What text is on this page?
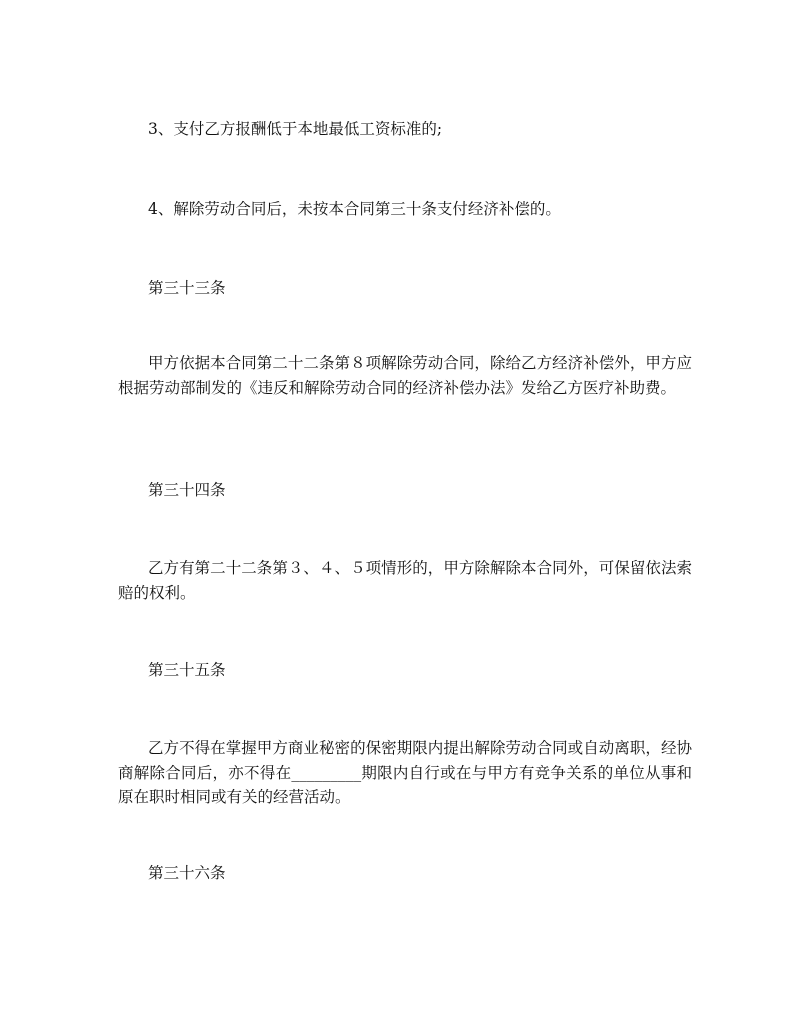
3、支付乙方报酬低于本地最低工资标准的;
4、解除劳动合同后，未按本合同第三十条支付经济补偿的。
第三十三条
甲方依据本合同第二十二条第８项解除劳动合同，除给乙方经济补偿外，甲方应根据劳动部制发的《违反和解除劳动合同的经济补偿办法》发给乙方医疗补助费。
第三十四条
乙方有第二十二条第３、４、５项情形的，甲方除解除本合同外，可保留依法索赔的权利。
第三十五条
乙方不得在掌握甲方商业秘密的保密期限内提出解除劳动合同或自动离职，经协商解除合同后，亦不得在_________期限内自行或在与甲方有竞争关系的单位从事和原在职时相同或有关的经营活动。
第三十六条
